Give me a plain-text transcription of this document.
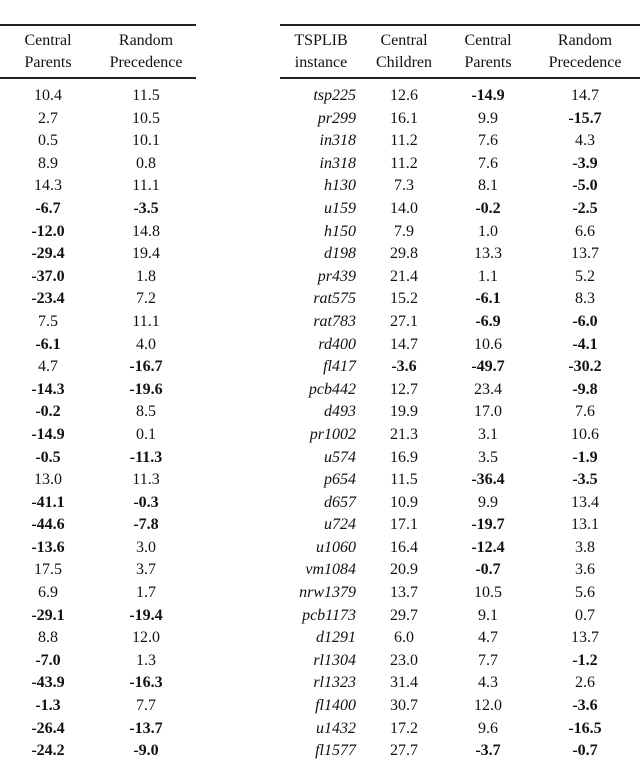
Central	Random
Parents	Precedence
10.4	11.5
2.7	10.5
0.5	10.1
8.9	0.8
14.3	11.1
-6.7	-3.5
-12.0	14.8
-29.4	19.4
-37.0	1.8
-23.4	7.2
7.5	11.1
-6.1	4.0
4.7	-16.7
-14.3	-19.6
-0.2	8.5
-14.9	0.1
-0.5	-11.3
13.0	11.3
-41.1	-0.3
-44.6	-7.8
-13.6	3.0
17.5	3.7
6.9	1.7
-29.1	-19.4
8.8	12.0
-7.0	1.3
-43.9	-16.3
-1.3	7.7
-26.4	-13.7
-24.2	-9.0
TSPLIB	Central	Central	Random
instance	Children	Parents	Precedence
tsp225	12.6	-14.9	14.7
pr299	16.1	9.9	-15.7
in318	11.2	7.6	4.3
in318	11.2	7.6	-3.9
h130	7.3	8.1	-5.0
u159	14.0	-0.2	-2.5
h150	7.9	1.0	6.6
d198	29.8	13.3	13.7
pr439	21.4	1.1	5.2
rat575	15.2	-6.1	8.3
rat783	27.1	-6.9	-6.0
rd400	14.7	10.6	-4.1
fl417	-3.6	-49.7	-30.2
pcb442	12.7	23.4	-9.8
d493	19.9	17.0	7.6
pr1002	21.3	3.1	10.6
u574	16.9	3.5	-1.9
p654	11.5	-36.4	-3.5
d657	10.9	9.9	13.4
u724	17.1	-19.7	13.1
u1060	16.4	-12.4	3.8
vm1084	20.9	-0.7	3.6
nrw1379	13.7	10.5	5.6
pcb1173	29.7	9.1	0.7
d1291	6.0	4.7	13.7
rl1304	23.0	7.7	-1.2
rl1323	31.4	4.3	2.6
fl1400	30.7	12.0	-3.6
u1432	17.2	9.6	-16.5
fl1577	27.7	-3.7	-0.7
